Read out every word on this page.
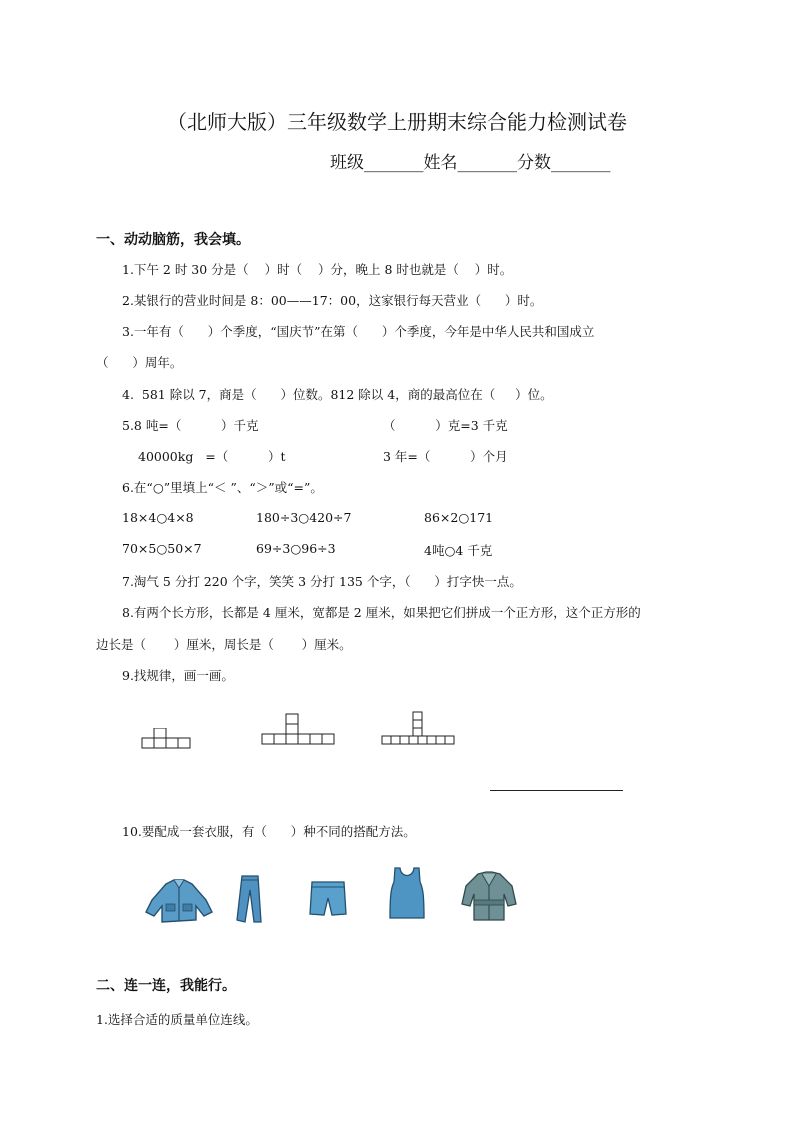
（北师大版）三年级数学上册期末综合能力检测试卷
班级_______姓名_______分数_______
一、动动脑筋，我会填。
1.下午 2 时 30 分是（    ）时（    ）分，晚上 8 时也就是（    ）时。
2.某银行的营业时间是 8：00——17：00，这家银行每天营业（      ）时。
3.一年有（      ）个季度，“国庆节”在第（      ）个季度，今年是中华人民共和国成立
（      ）周年。
4.  581 除以 7，商是（      ）位数。812 除以 4，商的最高位在（     ）位。
5.8 吨=（          ）千克	（          ）克=3 千克
40000kg   =（          ）t	3 年=（          ）个月
6.在“○”里填上“＜ ”、“＞”或“=”。
18×4○4×8	180÷3○420÷7	86×2○171
70×5○50×7	69÷3○96÷3	4吨○4 千克
7.淘气 5 分打 220 个字，笑笑 3 分打 135 个字，（      ）打字快一点。
8.有两个长方形，长都是 4 厘米，宽都是 2 厘米，如果把它们拼成一个正方形，这个正方形的
边长是（       ）厘米，周长是（       ）厘米。
9.找规律，画一画。
10.要配成一套衣服，有（      ）种不同的搭配方法。
二、连一连，我能行。
1.选择合适的质量单位连线。
